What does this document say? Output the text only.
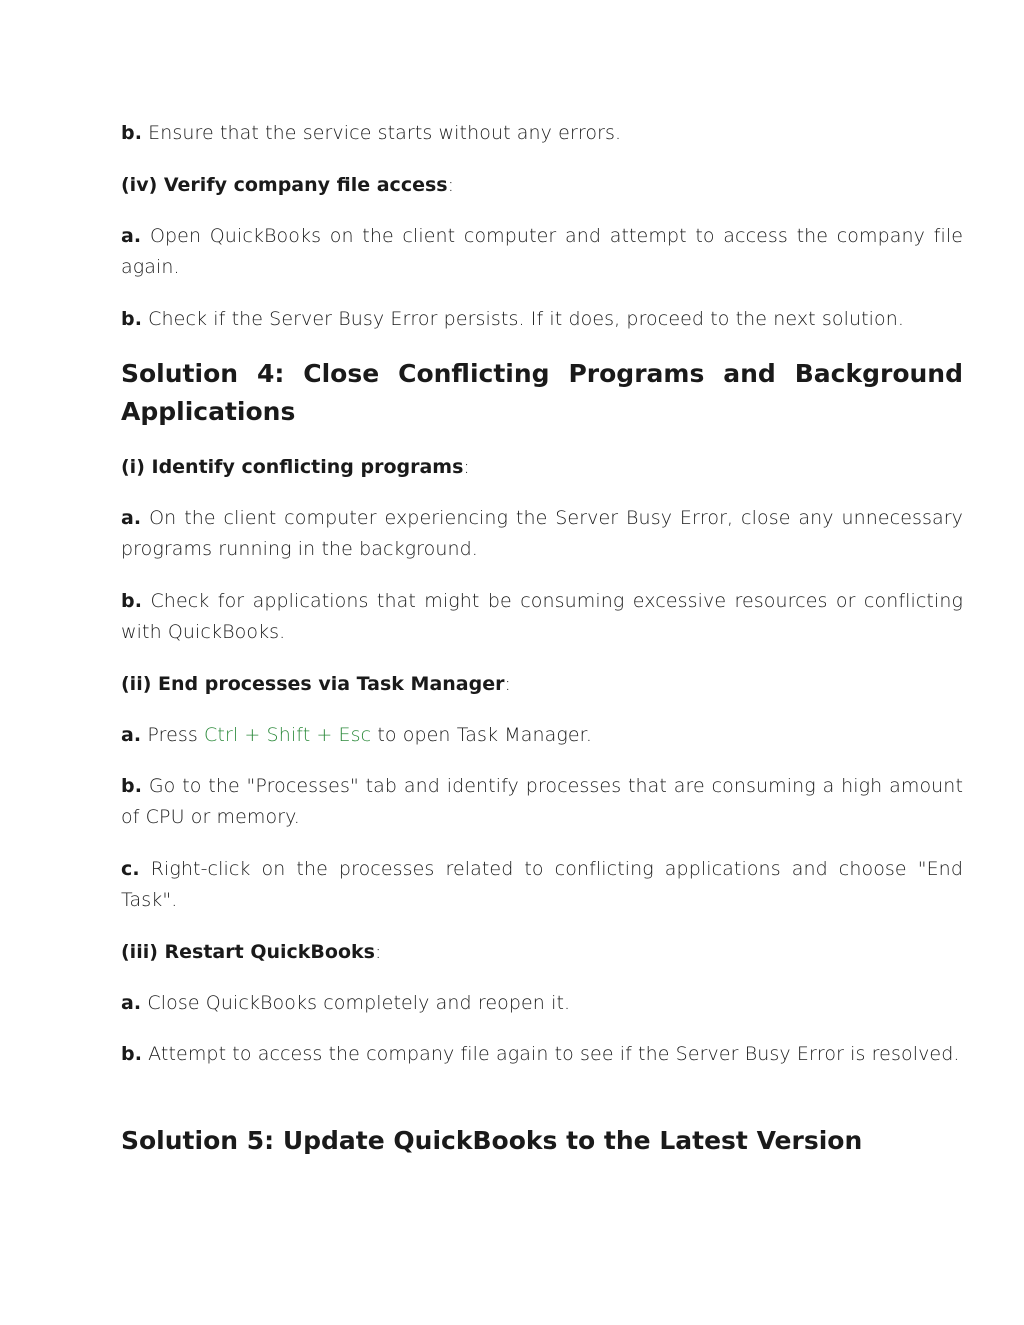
b. Ensure that the service starts without any errors.
(iv) Verify company file access:
a. Open QuickBooks on the client computer and attempt to access the company file again.
b. Check if the Server Busy Error persists. If it does, proceed to the next solution.
Solution 4: Close Conflicting Programs and Background Applications
(i) Identify conflicting programs:
a. On the client computer experiencing the Server Busy Error, close any unnecessary programs running in the background.
b. Check for applications that might be consuming excessive resources or conflicting with QuickBooks.
(ii) End processes via Task Manager:
a. Press Ctrl + Shift + Esc to open Task Manager.
b. Go to the "Processes" tab and identify processes that are consuming a high amount of CPU or memory.
c. Right-click on the processes related to conflicting applications and choose "End Task".
(iii) Restart QuickBooks:
a. Close QuickBooks completely and reopen it.
b. Attempt to access the company file again to see if the Server Busy Error is resolved.
Solution 5: Update QuickBooks to the Latest Version
